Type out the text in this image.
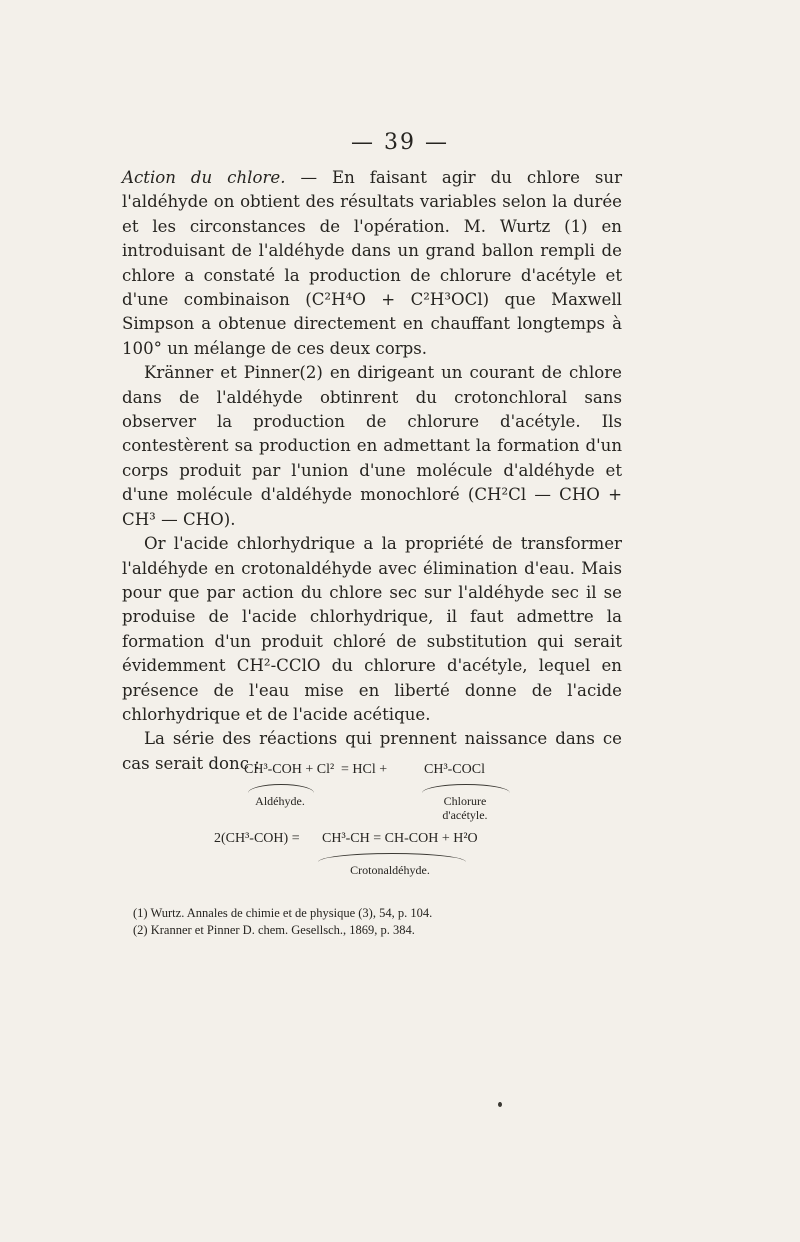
— 39 —

Action du chlore. — En faisant agir du chlore sur l'aldéhyde on obtient des résultats variables selon la durée et les circonstances de l'opération. M. Wurtz (1) en introduisant de l'aldéhyde dans un grand ballon rempli de chlore a constaté la production de chlorure d'acétyle et d'une combinaison (C²H⁴O + C²H³OCl) que Maxwell Simpson a obtenue directement en chauffant longtemps à 100° un mélange de ces deux corps.

Kränner et Pinner(2) en dirigeant un courant de chlore dans de l'aldéhyde obtinrent du crotonchloral sans observer la production de chlorure d'acétyle. Ils contestèrent sa production en admettant la formation d'un corps produit par l'union d'une molécule d'aldéhyde et d'une molécule d'aldéhyde monochloré (CH²Cl — CHO + CH³ — CHO).

Or l'acide chlorhydrique a la propriété de transformer l'aldéhyde en crotonaldéhyde avec élimination d'eau. Mais pour que par action du chlore sec sur l'aldéhyde sec il se produise de l'acide chlorhydrique, il faut admettre la formation d'un produit chloré de substitution qui serait évidemment CH²-CClO du chlorure d'acétyle, lequel en présence de l'eau mise en liberté donne de l'acide chlorhydrique et de l'acide acétique.

La série des réactions qui prennent naissance dans ce cas serait donc :

CH³-COH + Cl² = HCl +	CH³-COCl
Aldéhyde.	Chlorure
d'acétyle.
2(CH³-COH) = CH³-CH = CH-COH + H²O
Crotonaldéhyde.
(1) Wurtz. Annales de chimie et de physique (3), 54, p. 104.
(2) Kranner et Pinner D. chem. Gesellsch., 1869, p. 384.
